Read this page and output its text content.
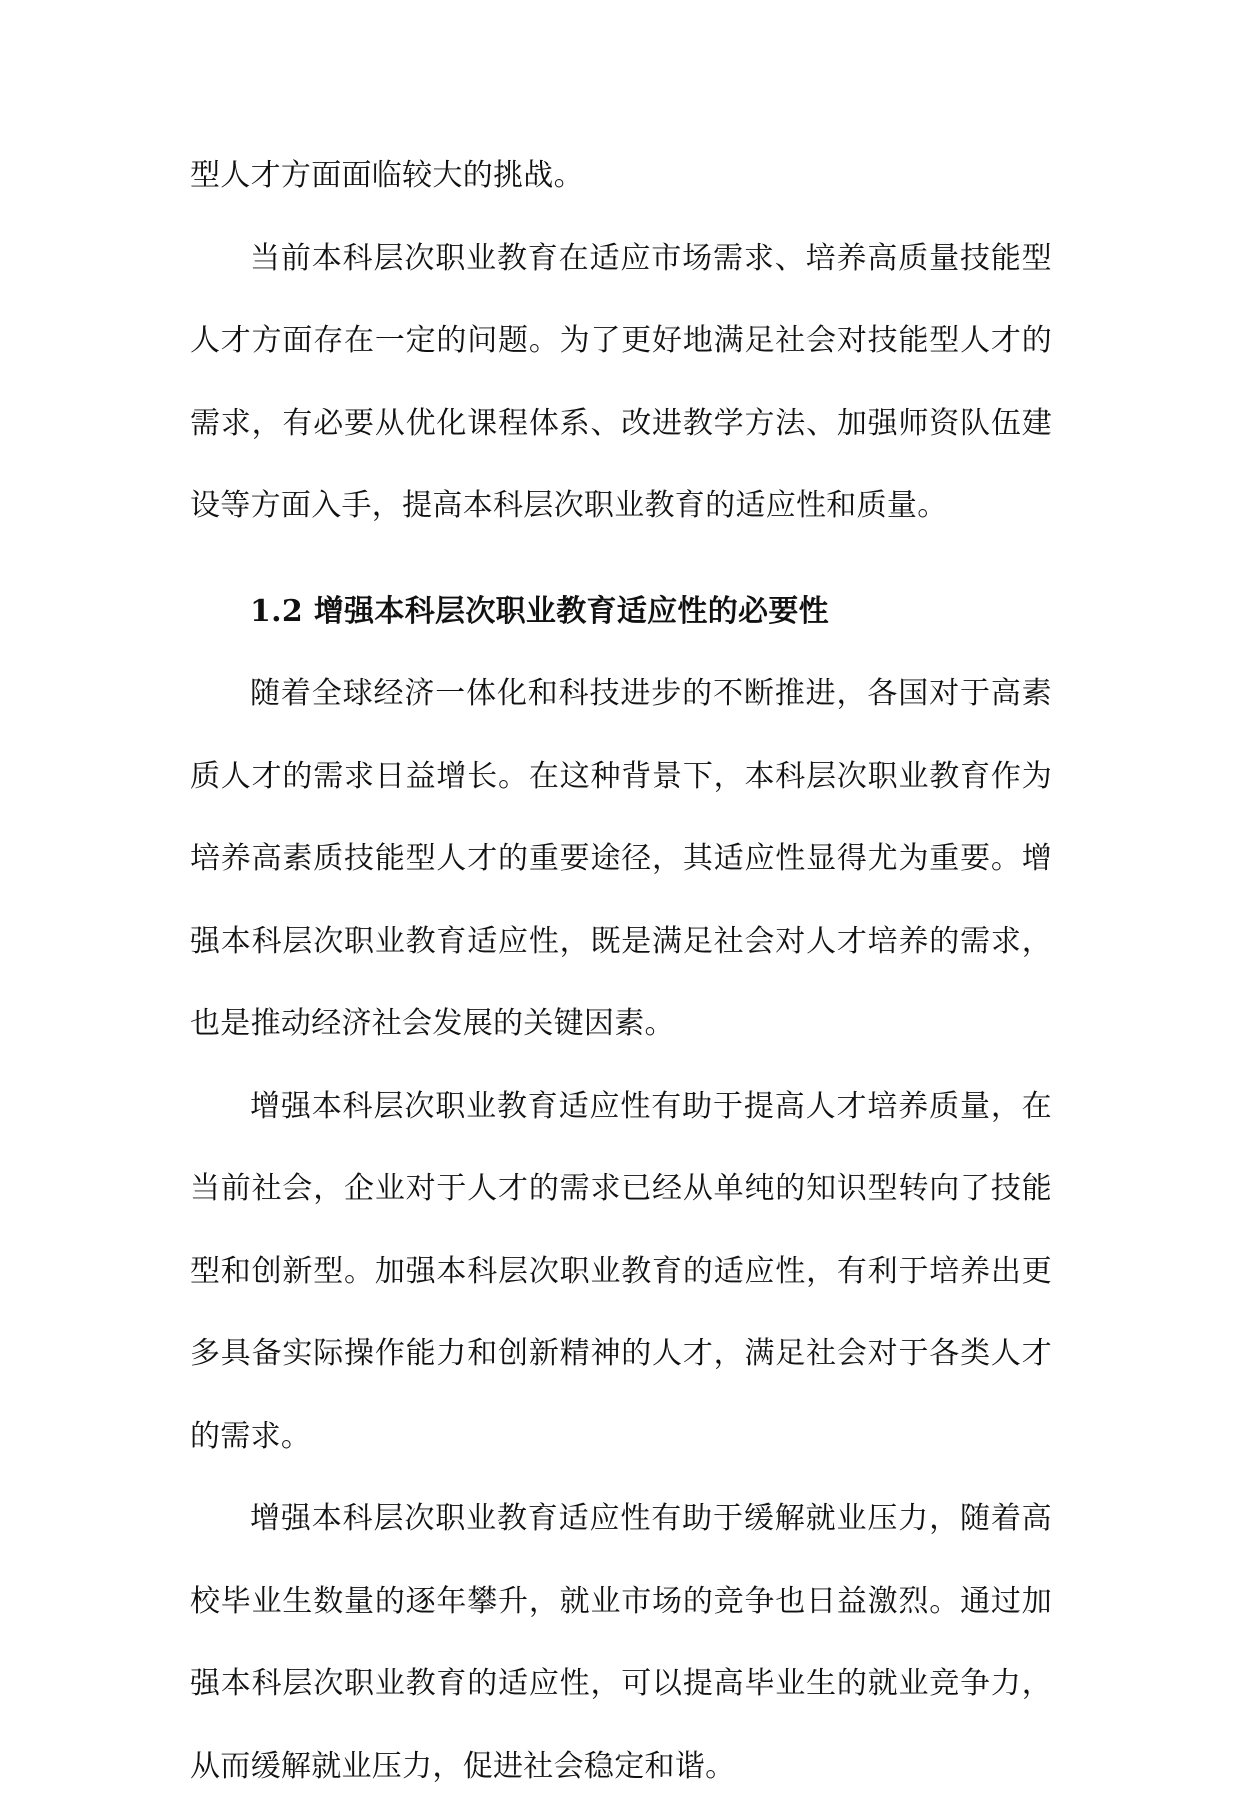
型人才方面面临较大的挑战。

当前本科层次职业教育在适应市场需求、培养高质量技能型人才方面存在一定的问题。为了更好地满足社会对技能型人才的需求，有必要从优化课程体系、改进教学方法、加强师资队伍建设等方面入手，提高本科层次职业教育的适应性和质量。

1.2 增强本科层次职业教育适应性的必要性

随着全球经济一体化和科技进步的不断推进，各国对于高素质人才的需求日益增长。在这种背景下，本科层次职业教育作为培养高素质技能型人才的重要途径，其适应性显得尤为重要。增强本科层次职业教育适应性，既是满足社会对人才培养的需求，也是推动经济社会发展的关键因素。

增强本科层次职业教育适应性有助于提高人才培养质量，在当前社会，企业对于人才的需求已经从单纯的知识型转向了技能型和创新型。加强本科层次职业教育的适应性，有利于培养出更多具备实际操作能力和创新精神的人才，满足社会对于各类人才的需求。

增强本科层次职业教育适应性有助于缓解就业压力，随着高校毕业生数量的逐年攀升，就业市场的竞争也日益激烈。通过加强本科层次职业教育的适应性，可以提高毕业生的就业竞争力，从而缓解就业压力，促进社会稳定和谐。
